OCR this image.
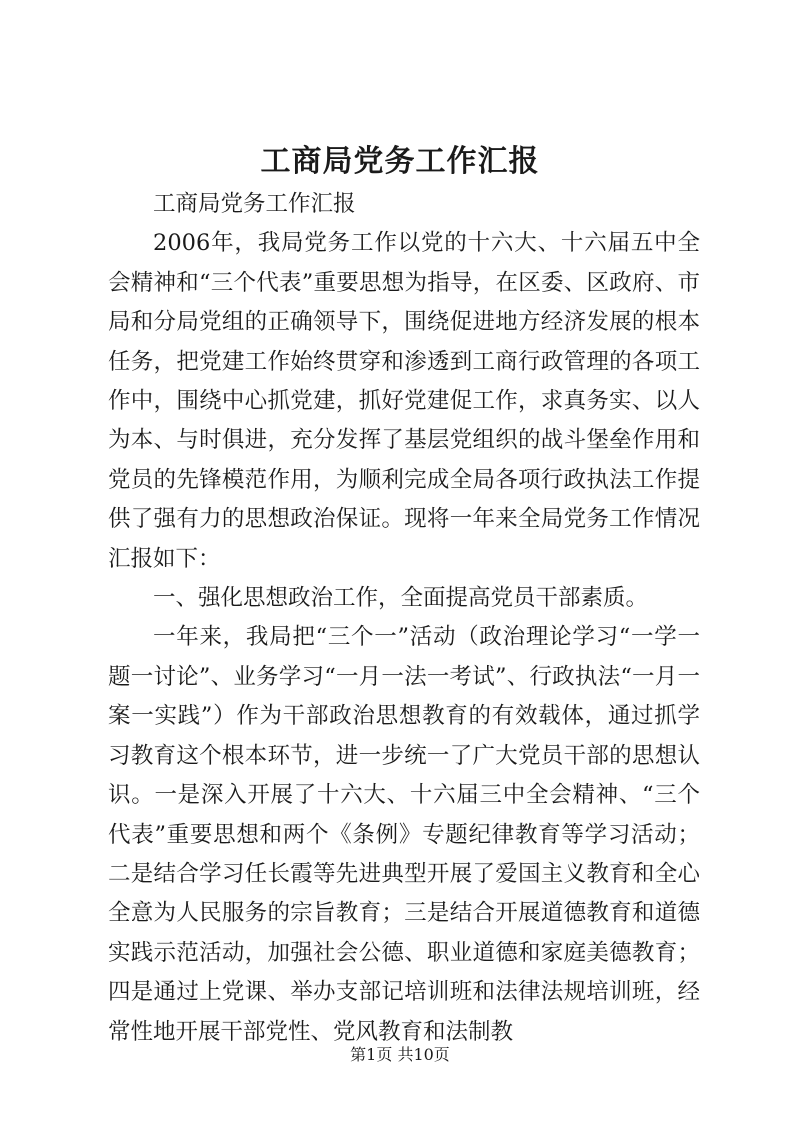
工商局党务工作汇报

工商局党务工作汇报

2006年，我局党务工作以党的十六大、十六届五中全会精神和“三个代表”重要思想为指导，在区委、区政府、市局和分局党组的正确领导下，围绕促进地方经济发展的根本任务，把党建工作始终贯穿和渗透到工商行政管理的各项工作中，围绕中心抓党建，抓好党建促工作，求真务实、以人为本、与时俱进，充分发挥了基层党组织的战斗堡垒作用和党员的先锋模范作用，为顺利完成全局各项行政执法工作提供了强有力的思想政治保证。现将一年来全局党务工作情况汇报如下：

一、强化思想政治工作，全面提高党员干部素质。

一年来，我局把“三个一”活动（政治理论学习“一学一题一讨论”、业务学习“一月一法一考试”、行政执法“一月一案一实践”）作为干部政治思想教育的有效载体，通过抓学习教育这个根本环节，进一步统一了广大党员干部的思想认识。一是深入开展了十六大、十六届三中全会精神、“三个代表”重要思想和两个《条例》专题纪律教育等学习活动；二是结合学习任长霞等先进典型开展了爱国主义教育和全心全意为人民服务的宗旨教育；三是结合开展道德教育和道德实践示范活动，加强社会公德、职业道德和家庭美德教育；四是通过上党课、举办支部记培训班和法律法规培训班，经常性地开展干部党性、党风教育和法制教

第1页 共10页
